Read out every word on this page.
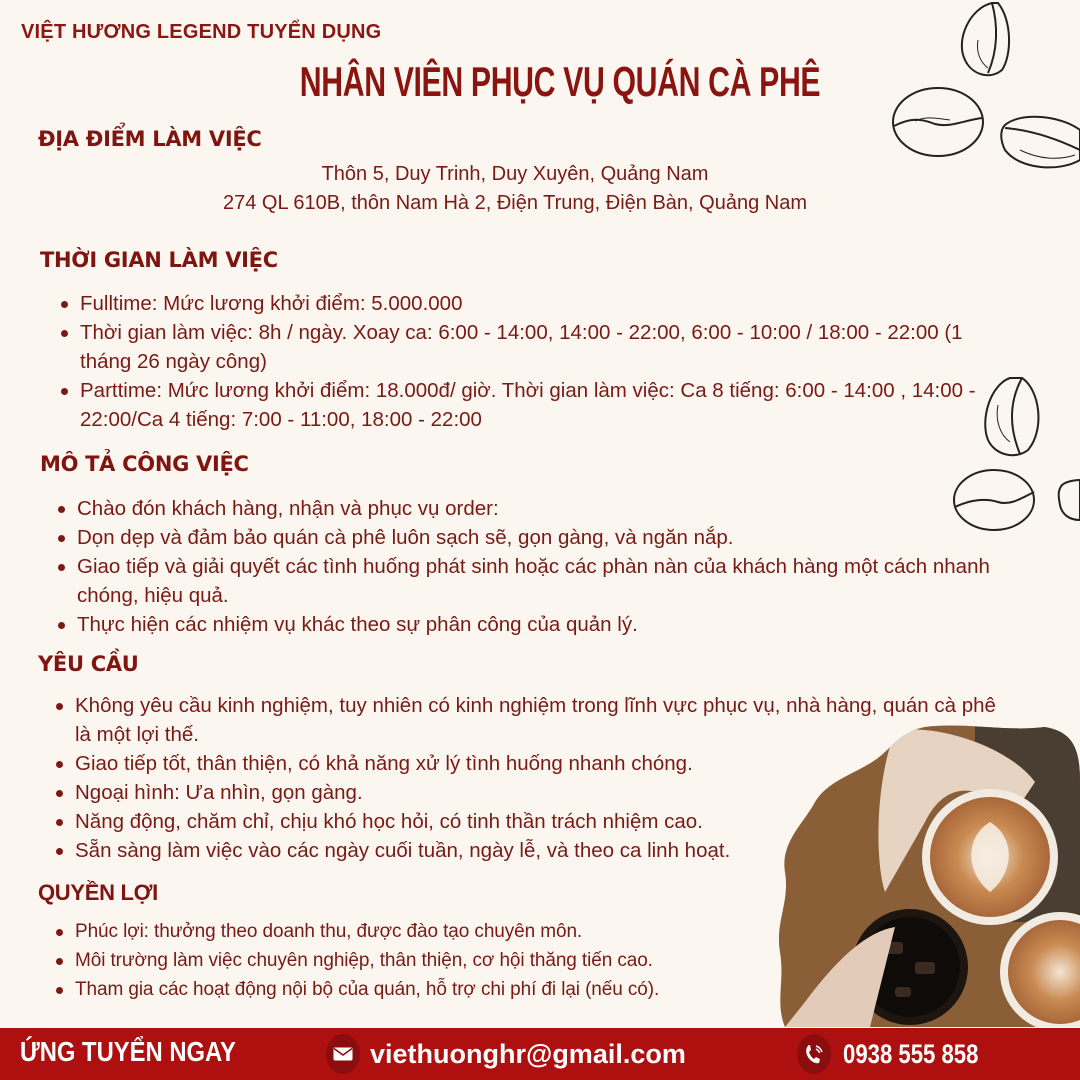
VIỆT HƯƠNG LEGEND TUYỂN DỤNG
NHÂN VIÊN PHỤC VỤ QUÁN CÀ PHÊ
ĐỊA ĐIỂM LÀM VIỆC
Thôn 5, Duy Trinh, Duy Xuyên, Quảng Nam
274 QL 610B, thôn Nam Hà 2, Điện Trung, Điện Bàn, Quảng Nam
THỜI GIAN LÀM VIỆC
Fulltime: Mức lương khởi điểm: 5.000.000
Thời gian làm việc: 8h / ngày. Xoay ca: 6:00 - 14:00, 14:00 - 22:00, 6:00 - 10:00 / 18:00 - 22:00 (1 tháng 26 ngày công)
Parttime: Mức lương khởi điểm: 18.000đ/ giờ. Thời gian làm việc: Ca 8 tiếng: 6:00 - 14:00 , 14:00 - 22:00/Ca 4 tiếng: 7:00 - 11:00, 18:00 - 22:00
MÔ TẢ CÔNG VIỆC
Chào đón khách hàng, nhận và phục vụ order:
Dọn dẹp và đảm bảo quán cà phê luôn sạch sẽ, gọn gàng, và ngăn nắp.
Giao tiếp và giải quyết các tình huống phát sinh hoặc các phàn nàn của khách hàng một cách nhanh chóng, hiệu quả.
Thực hiện các nhiệm vụ khác theo sự phân công của quản lý.
YÊU CẦU
Không yêu cầu kinh nghiệm, tuy nhiên có kinh nghiệm trong lĩnh vực phục vụ, nhà hàng, quán cà phê là một lợi thế.
Giao tiếp tốt, thân thiện, có khả năng xử lý tình huống nhanh chóng.
Ngoại hình: Ưa nhìn, gọn gàng.
Năng động, chăm chỉ, chịu khó học hỏi, có tinh thần trách nhiệm cao.
Sẵn sàng làm việc vào các ngày cuối tuần, ngày lễ, và theo ca linh hoạt.
QUYỀN LỢI
Phúc lợi: thưởng theo doanh thu, được đào tạo chuyên môn.
Môi trường làm việc chuyên nghiệp, thân thiện, cơ hội thăng tiến cao.
Tham gia các hoạt động nội bộ của quán, hỗ trợ chi phí đi lại (nếu có).
ỨNG TUYỂN NGAY	viethuonghr@gmail.com	0938 555 858
